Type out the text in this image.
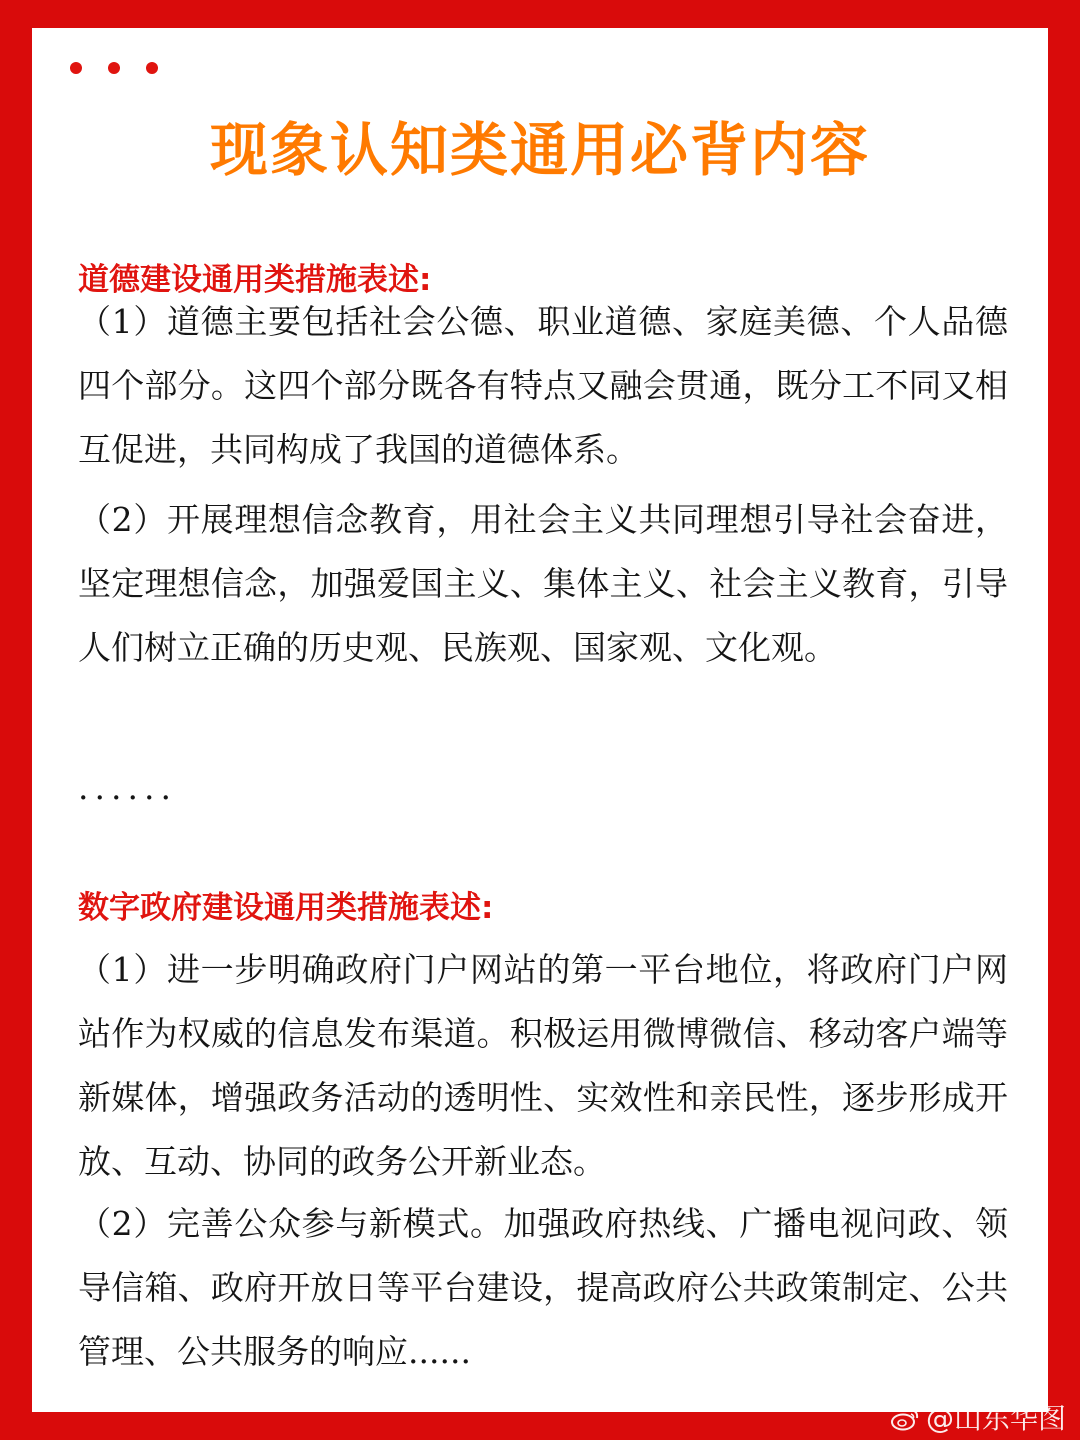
现象认知类通用必背内容
道德建设通用类措施表述:
（1）道德主要包括社会公德、职业道德、家庭美德、个人品德四个部分。这四个部分既各有特点又融会贯通，既分工不同又相互促进，共同构成了我国的道德体系。
（2）开展理想信念教育，用社会主义共同理想引导社会奋进，坚定理想信念，加强爱国主义、集体主义、社会主义教育，引导人们树立正确的历史观、民族观、国家观、文化观。
......
数字政府建设通用类措施表述:
（1）进一步明确政府门户网站的第一平台地位，将政府门户网站作为权威的信息发布渠道。积极运用微博微信、移动客户端等新媒体，增强政务活动的透明性、实效性和亲民性，逐步形成开放、互动、协同的政务公开新业态。
（2）完善公众参与新模式。加强政府热线、广播电视问政、领导信箱、政府开放日等平台建设，提高政府公共政策制定、公共管理、公共服务的响应......
@山东华图
